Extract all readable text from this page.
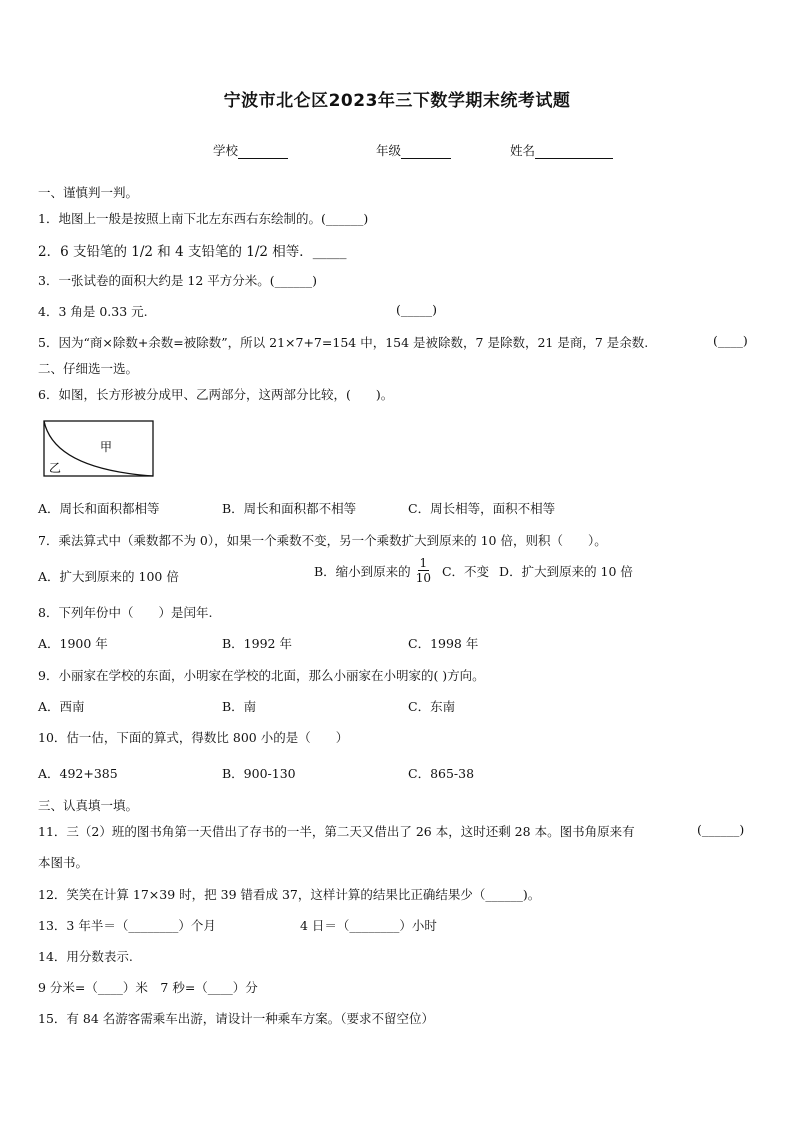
宁波市北仑区2023年三下数学期末统考试题
学校	年级	姓名
一、谨慎判一判。
1．地图上一般是按照上南下北左东西右东绘制的。(______)
2．6 支铅笔的 1/2 和 4 支铅笔的 1/2 相等．_____
3．一张试卷的面积大约是 12 平方分米。(______)
4．3 角是 0.33 元.	(_____)
5．因为“商×除数+余数=被除数”，所以 21×7+7=154 中，154 是被除数，7 是除数，21 是商，7 是余数.	(____)
二、仔细选一选。
6．如图，长方形被分成甲、乙两部分，这两部分比较，(　　)。
甲
乙
A．周长和面积都相等	B．周长和面积都不相等	C．周长相等，面积不相等
7．乘法算式中（乘数都不为 0），如果一个乘数不变，另一个乘数扩大到原来的 10 倍，则积（　　）。
A．扩大到原来的 100 倍	B．缩小到原来的 $\frac{1}{10}$ C．不变 D．扩大到原来的 10 倍
8．下列年份中（　　）是闰年.
A．1900 年	B．1992 年	C．1998 年
9．小丽家在学校的东面，小明家在学校的北面，那么小丽家在小明家的( )方向。
A．西南	B．南	C．东南
10．估一估，下面的算式，得数比 800 小的是（　　）
A．492+385	B．900-130	C．865-38
三、认真填一填。
11．三（2）班的图书角第一天借出了存书的一半，第二天又借出了 26 本，这时还剩 28 本。图书角原来有	(______)
本图书。
12．笑笑在计算 17×39 时，把 39 错看成 37，这样计算的结果比正确结果少（______)。
13．3 年半＝（________）个月	4 日＝（________）小时
14．用分数表示.
9 分米=（____）米　7 秒=（____）分
15．有 84 名游客需乘车出游，请设计一种乘车方案。（要求不留空位）
